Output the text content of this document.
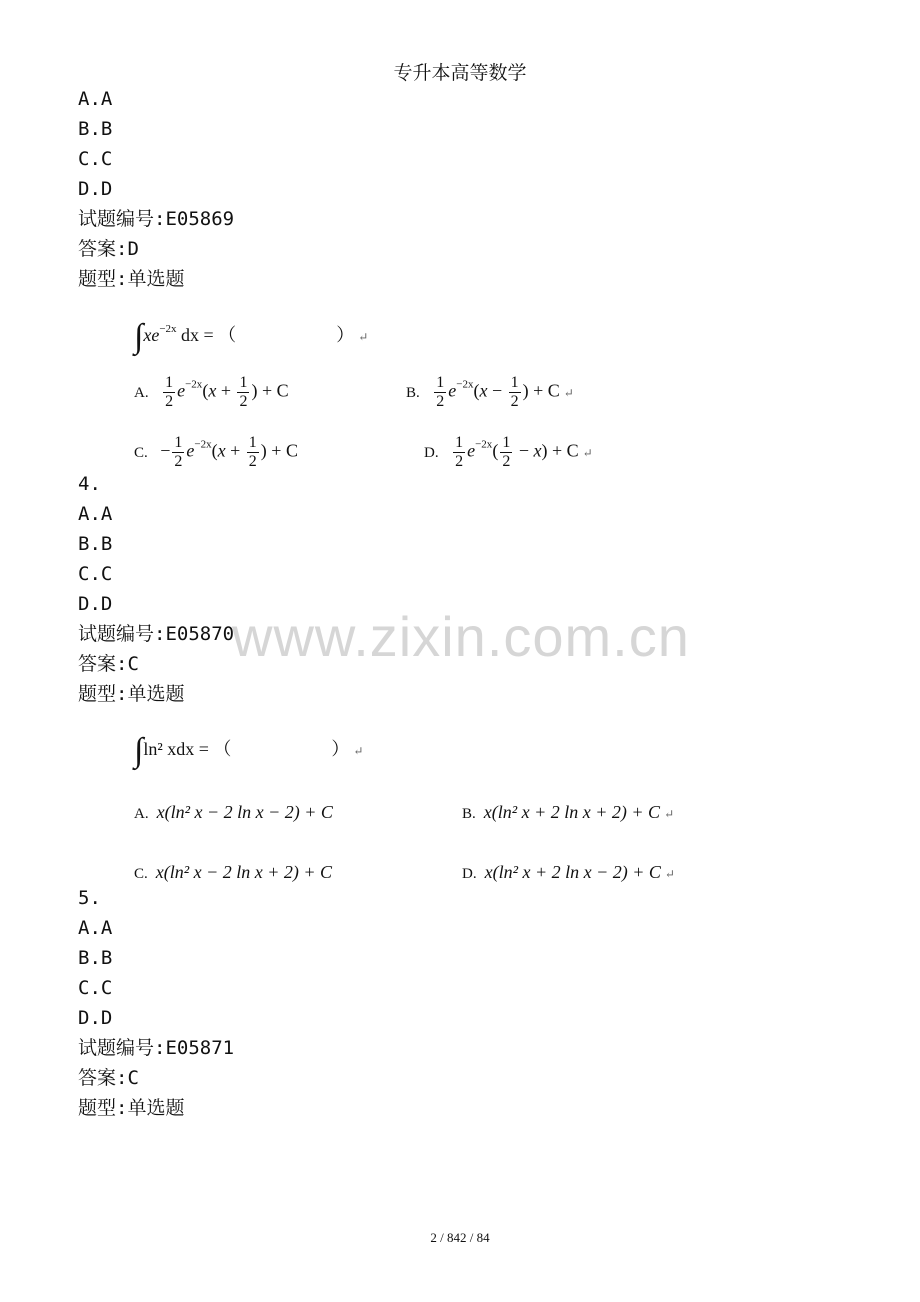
专升本高等数学
A.A
B.B
C.C
D.D
试题编号:E05869
答案:D
题型:单选题
$\int xe^{-2x}$ dx = （	） ↵
A. $\frac{1}{2} e^{-2x}(x + \frac{1}{2}$ ) + C	B. $\frac{1}{2} e^{-2x}(x - \frac{1}{2}$ ) + C ↵
C. − $\frac{1}{2} e^{-2x}(x + \frac{1}{2}$ ) + C	D. $\frac{1}{2} e^{-2x}( \frac{1}{2} - x) + C$ ↵
4.
A.A
B.B
C.C
D.D
试题编号:E05870
答案:C
题型:单选题
∫ln² xdx = （	） ↵
A. x(ln² x − 2 ln x − 2) + C	B. x(ln² x + 2 ln x + 2) + C ↵
C. x(ln² x − 2 ln x + 2) + C	D. x(ln² x + 2 ln x − 2) + C ↵
5.
A.A
B.B
C.C
D.D
试题编号:E05871
答案:C
题型:单选题
www.zixin.com.cn
2 / 842 / 84
